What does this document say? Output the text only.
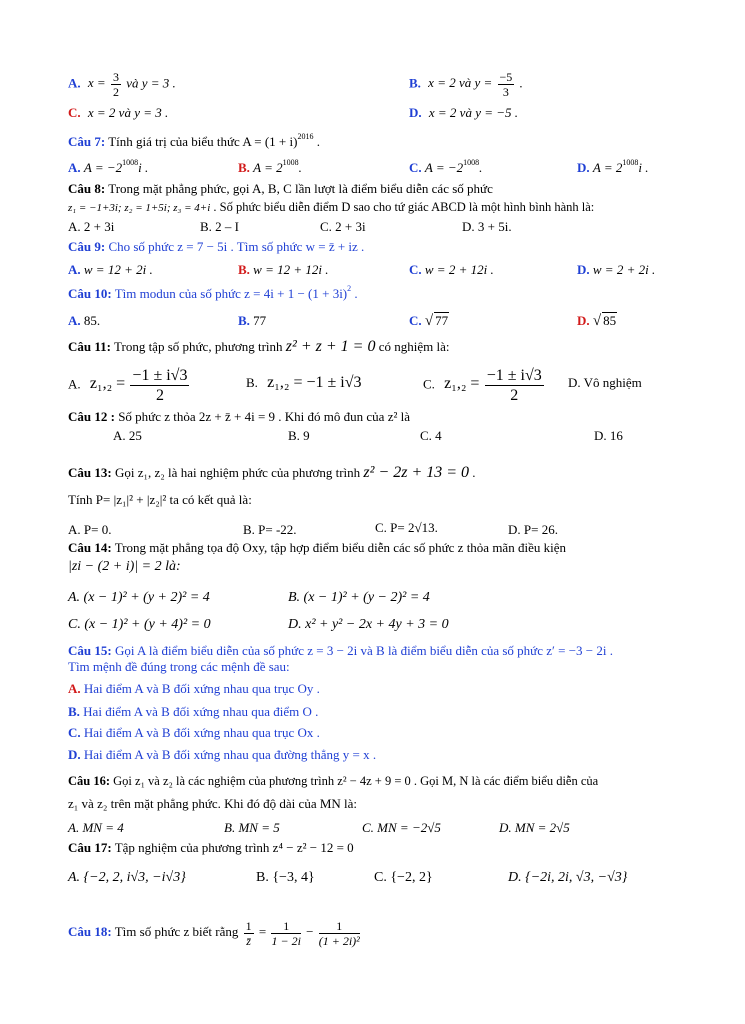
A. $x = \frac{3}{2}$ và y = 3 .	B. x = 2 và $y = \frac{-5}{3}$ .
C. x = 2 và y = 3 .	D. x = 2 và y = −5 .
Câu 7: Tính giá trị của biểu thức $A = (1 + i)^{2016}$ .
A. $A = -2^{1008}i$ .	B. $A = 2^{1008}$.	C. $A = -2^{1008}$.	D. $A = 2^{1008}i$ .
Câu 8: Trong mặt phẳng phức, gọi A, B, C lần lượt là điểm biểu diễn các số phức
z₁ = −1+3i; z₂ = 1+5i; z₃ = 4+i . Số phức biểu diễn điểm D sao cho tứ giác ABCD là một hình bình hành là:
A. 2 + 3i	B. 2 – I	C. 2 + 3i	D. 3 + 5i.
Câu 9: Cho số phức z = 7 − 5i . Tìm số phức w = z̄ + iz .
A. w = 12 + 2i .	B. w = 12 + 12i .	C. w = 2 + 12i .	D. w = 2 + 2i .
Câu 10: Tìm modun của số phức $z = 4i + 1 - (1 + 3i)^2$ .
A. 85.	B. 77	C. √ 77	D. √ 85
Câu 11: Trong tập số phức, phương trình z² + z + 1 = 0 có nghiệm là:
A. $z_1,_2 = \frac{-1 \pm i√3}{2}$	B. z₁,₂ = −1 ± i√3	C. $z_1,_2 = \frac{-1 \pm i√3}{2} D$. Vô nghiệm
Câu 12 : Số phức z thỏa 2z + z̄ + 4i = 9 . Khi đó mô đun của z² là
A. 25	B. 9	C. 4	D. 16
Câu 13: Gọi z₁, z₂ là hai nghiệm phức của phương trình z² − 2z + 13 = 0 .
Tính P= |z₁|² + |z₂|² ta có kết quả là:
A. P= 0.	B. P= -22.	C. P= 2√13.	D. P= 26.
Câu 14: Trong mặt phẳng tọa độ Oxy, tập hợp điểm biểu diễn các số phức z thỏa mãn điều kiện
|zi − (2 + i)| = 2 là:
A. (x − 1)² + (y + 2)² = 4	B. (x − 1)² + (y − 2)² = 4
C. (x − 1)² + (y + 4)² = 0	D. x² + y² − 2x + 4y + 3 = 0
Câu 15: Gọi A là điểm biểu diễn của số phức z = 3 − 2i và B là điểm biểu diễn của số phức z′ = −3 − 2i .
Tìm mệnh đề đúng trong các mệnh đề sau:
A. Hai điểm A và B đối xứng nhau qua trục Oy .
B. Hai điểm A và B đối xứng nhau qua điểm O .
C. Hai điểm A và B đối xứng nhau qua trục Ox .
D. Hai điểm A và B đối xứng nhau qua đường thẳng y = x .
Câu 16: Gọi z₁ và z₂ là các nghiệm của phương trình z² − 4z + 9 = 0 . Gọi M, N là các điểm biểu diễn của
z₁ và z₂ trên mặt phẳng phức. Khi đó độ dài của MN là:
A. MN = 4	B. MN = 5	C. MN = −2√5	D. MN = 2√5
Câu 17: Tập nghiệm của phương trình z⁴ − z² − 12 = 0
A. {−2, 2, i√3, −i√3}	B. {−3, 4}	C. {−2, 2}	D. {−2i, 2i, √3, −√3}
Câu 18: Tìm số phức z biết rằng $\frac{1}{z̄} = \frac{1}{1 - 2i} - \frac{1}{\text{(1 + 2i)²}}$
